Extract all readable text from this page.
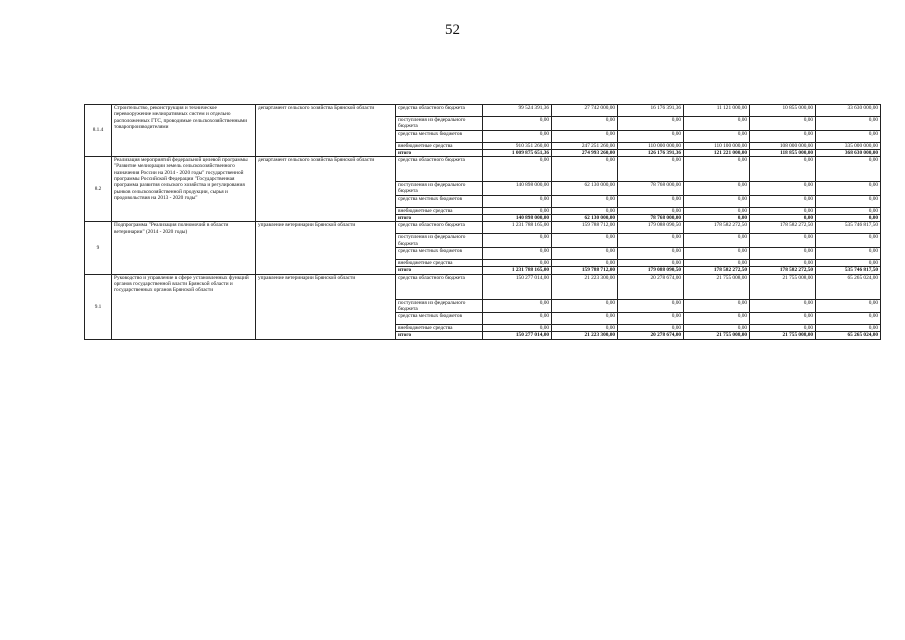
52
8.1.4	Строительство, реконструкция и техническое перевооружение мелиоративных систем и отдельно расположенных ГТС, проводимые сельскохозяйственными товаропроизводителями	департамент сельского хозяйства Брянской области	средства областного бюджета	99 524 391,36	27 742 000,00	16 176 391,36	11 121 000,00	10 855 000,00	33 630 000,00
			поступления из федерального бюджета	0,00	0,00	0,00	0,00	0,00	0,00
			средства местных бюджетов	0,00	0,00	0,00	0,00	0,00	0,00
			внебюджетные средства	910 351 260,00	247 251 260,00	110 000 000,00	110 100 000,00	108 000 000,00	335 000 000,00
			итого	1 009 875 651,36	274 993 260,00	126 176 391,36	121 221 000,00	118 855 000,00	368 630 000,00
8.2	Реализация мероприятий федеральной целевой программы "Развитие мелиорации земель сельскохозяйственного назначения России на 2014 - 2020 годы" государственной программы Российской Федерации "Государственная программа развития сельского хозяйства и регулирования рынков сельскохозяйственной продукции, сырья и продовольствия на 2013 - 2020 годы"	департамент сельского хозяйства Брянской области	средства областного бюджета	0,00	0,00	0,00	0,00	0,00	0,00
			поступления из федерального бюджета	140 898 000,00	62 130 000,00	78 768 000,00	0,00	0,00	0,00
			средства местных бюджетов	0,00	0,00	0,00	0,00	0,00	0,00
			внебюджетные средства	0,00	0,00	0,00	0,00	0,00	0,00
			итого	140 898 000,00	62 130 000,00	78 768 000,00	0,00	0,00	0,00
9	Подпрограмма "Реализация полномочий в области ветеринарии" (2014 - 2020 годы)	управление ветеринарии Брянской области	средства областного бюджета	1 231 788 165,00	159 788 712,00	179 088 090,50	178 582 272,50	178 582 272,50	535 746 817,50
			поступления из федерального бюджета	0,00	0,00	0,00	0,00	0,00	0,00
			средства местных бюджетов	0,00	0,00	0,00	0,00	0,00	0,00
			внебюджетные средства	0,00	0,00	0,00	0,00	0,00	0,00
			итого	1 231 788 165,00	159 788 712,00	179 088 090,50	178 582 272,50	178 582 272,50	535 746 817,50
9.1	Руководство и управление в сфере установленных функций органов государственной власти Брянской области и государственных органов Брянской области	управление ветеринарии Брянской области	средства областного бюджета	150 277 014,00	21 223 300,00	20 278 674,00	21 755 008,00	21 755 008,00	65 265 024,00
			поступления из федерального бюджета	0,00	0,00	0,00	0,00	0,00	0,00
			средства местных бюджетов	0,00	0,00	0,00	0,00	0,00	0,00
			внебюджетные средства	0,00	0,00	0,00	0,00	0,00	0,00
			итого	150 277 014,00	21 223 300,00	20 278 674,00	21 755 008,00	21 755 008,00	65 265 024,00
